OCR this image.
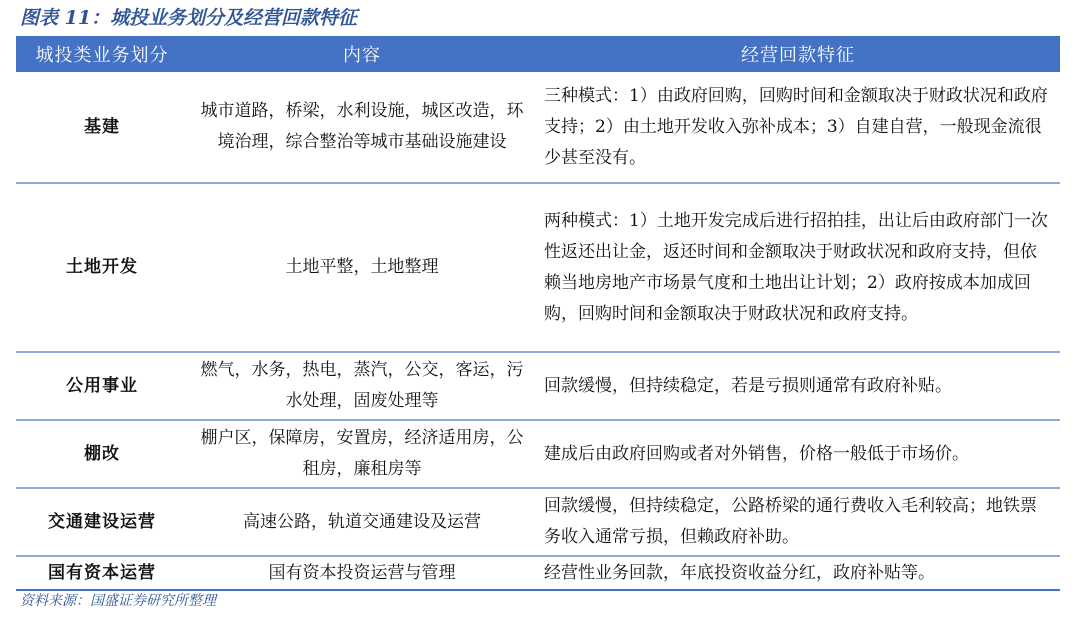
图表 11：城投业务划分及经营回款特征
城投类业务划分	内容	经营回款特征
基建	城市道路，桥梁，水利设施，城区改造，环境治理，综合整治等城市基础设施建设	三种模式：1）由政府回购，回购时间和金额取决于财政状况和政府支持；2）由土地开发收入弥补成本；3）自建自营，一般现金流很少甚至没有。
土地开发	土地平整，土地整理	两种模式：1）土地开发完成后进行招拍挂，出让后由政府部门一次性返还出让金，返还时间和金额取决于财政状况和政府支持，但依赖当地房地产市场景气度和土地出让计划；2）政府按成本加成回购，回购时间和金额取决于财政状况和政府支持。
公用事业	燃气，水务，热电，蒸汽，公交，客运，污水处理，固废处理等	回款缓慢，但持续稳定，若是亏损则通常有政府补贴。
棚改	棚户区，保障房，安置房，经济适用房，公租房，廉租房等	建成后由政府回购或者对外销售，价格一般低于市场价。
交通建设运营	高速公路，轨道交通建设及运营	回款缓慢，但持续稳定，公路桥梁的通行费收入毛利较高；地铁票务收入通常亏损，但赖政府补助。
国有资本运营	国有资本投资运营与管理	经营性业务回款，年底投资收益分红，政府补贴等。
资料来源：国盛证券研究所整理
